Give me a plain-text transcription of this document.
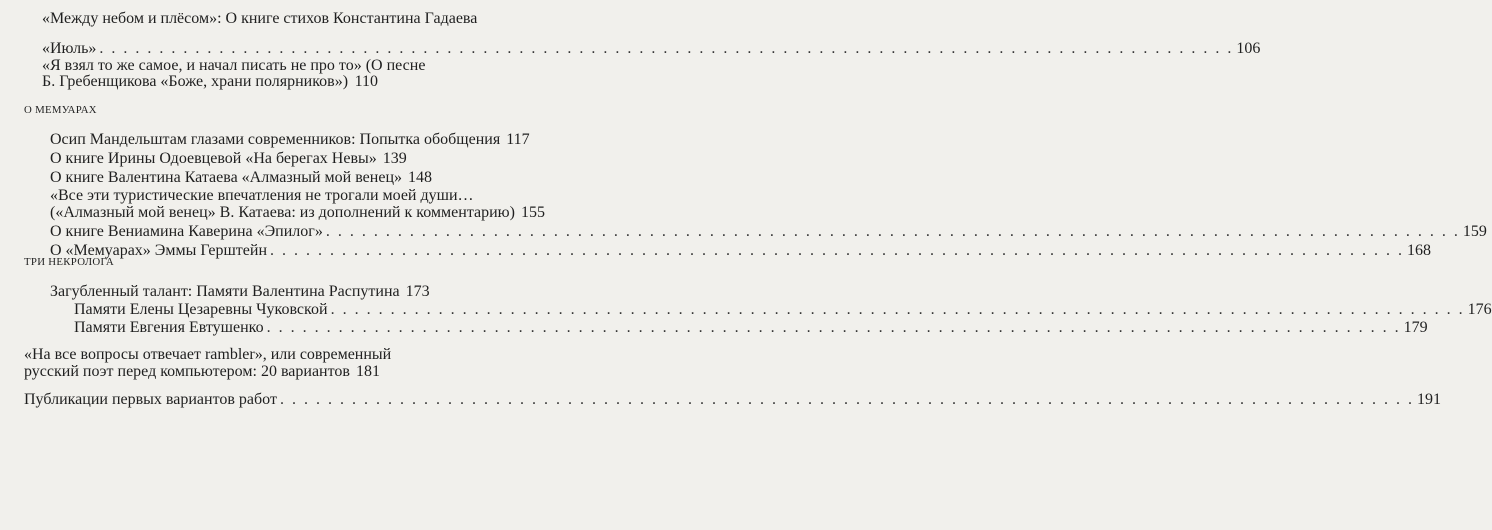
«Между небом и плёсом»: О книге стихов Константина Гадаева
«Июль» . . .	106
«Я взял то же самое, и начал писать не про то» (О песне
Б. Гребенщикова «Боже, храни полярников») . . . 110
О МЕМУАРАХ
Осип Мандельштам глазами современников: Попытка обобщения 117
О книге Ирины Одоевцевой «На берегах Невы» 139
О книге Валентина Катаева «Алмазный мой венец» 148
«Все эти туристические впечатления не трогали моей души…
(«Алмазный мой венец» В. Катаева: из дополнений к комментарию) 155
О книге Вениамина Каверина «Эпилог» . . .	159
О «Мемуарах» Эммы Герштейн . . .	168
ТРИ НЕКРОЛОГА
Загубленный талант: Памяти Валентина Распутина 173
Памяти Елены Цезаревны Чуковской . . .	176
Памяти Евгения Евтушенко . . .	179
«На все вопросы отвечает rambler», или современный
русский поэт перед компьютером: 20 вариантов 181
Публикации первых вариантов работ . . .	191
